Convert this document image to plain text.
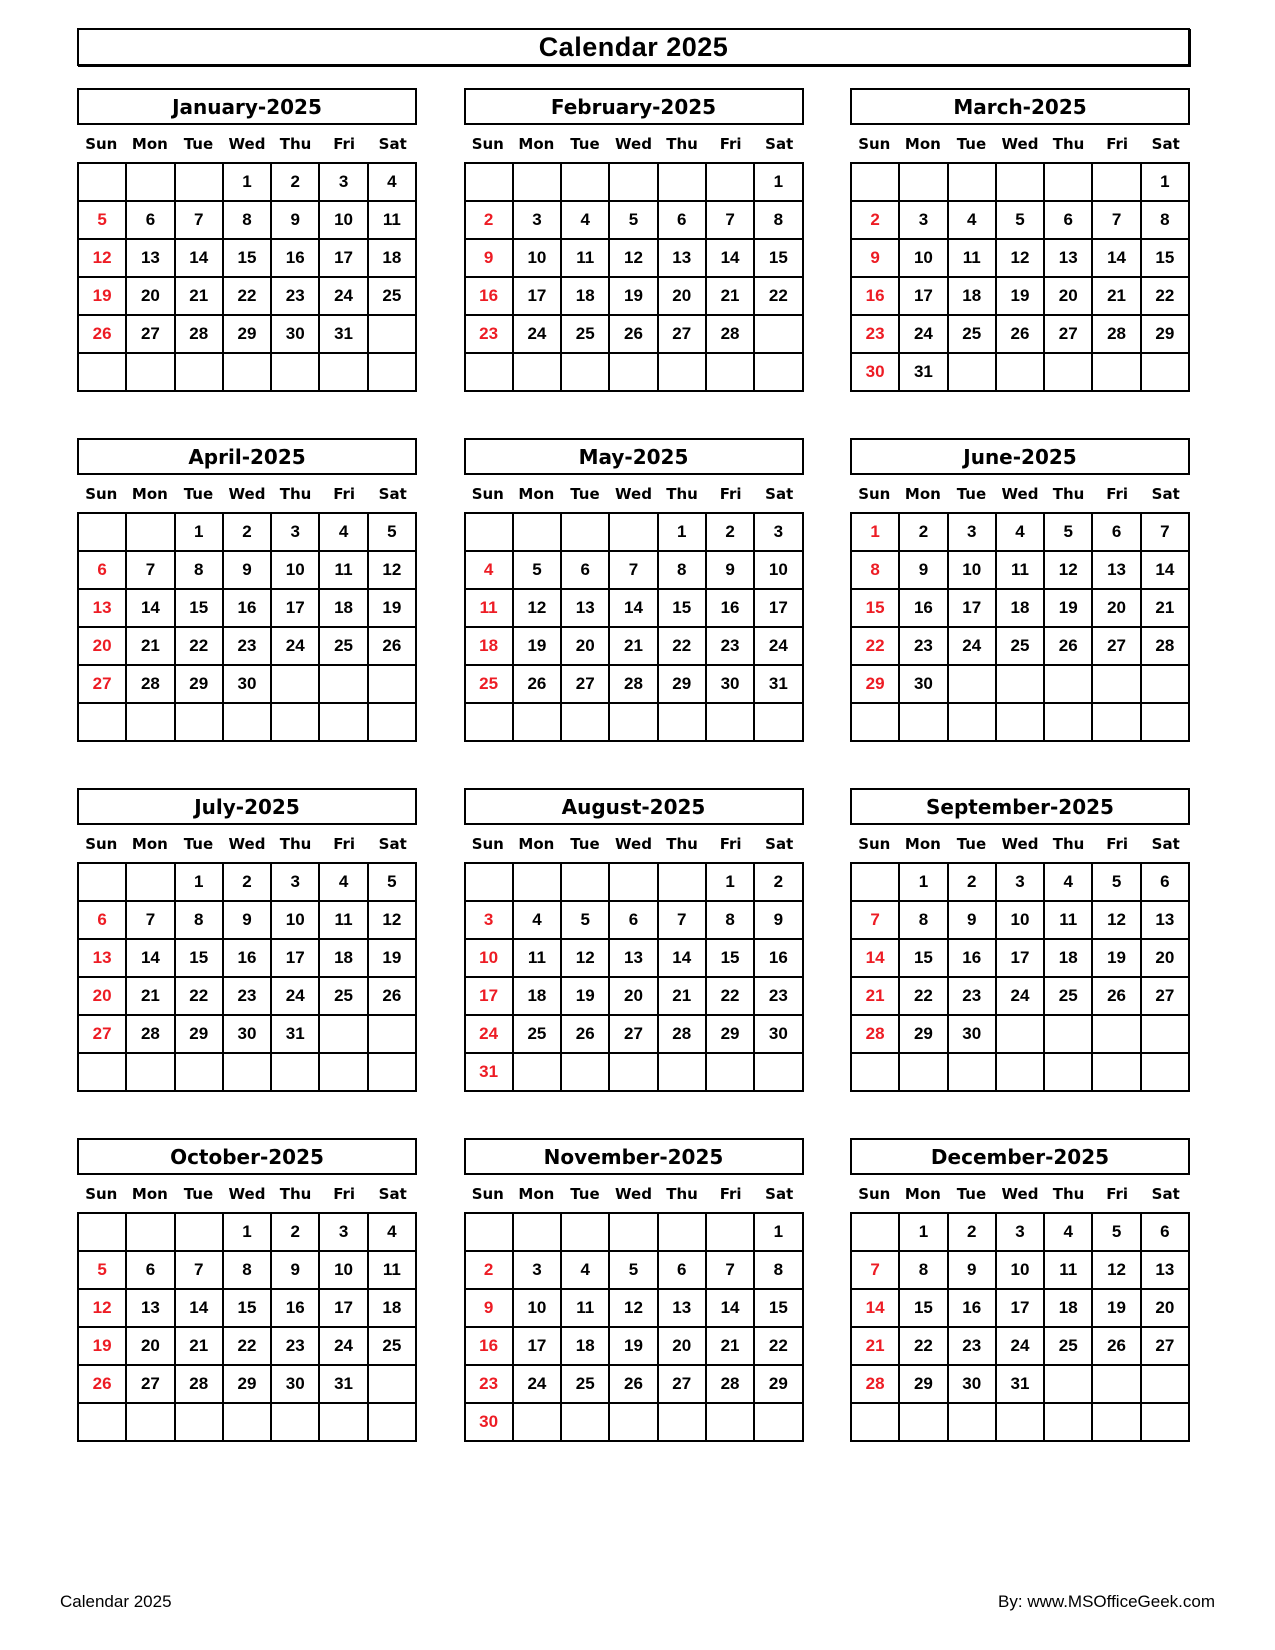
Calendar 2025
January-2025
Sun Mon	Tue	Wed Thu	Fri	Sat
			1	2	3	4
5	6	7	8	9	10	11
12	13	14	15	16	17	18
19	20	21	22	23	24	25
26	27	28	29	30	31	

February-2025
Sun Mon	Tue	Wed Thu	Fri	Sat
						1
2	3	4	5	6	7	8
9	10	11	12	13	14	15
16	17	18	19	20	21	22
23	24	25	26	27	28	

March-2025
Sun Mon	Tue	Wed Thu	Fri	Sat
						1
2	3	4	5	6	7	8
9	10	11	12	13	14	15
16	17	18	19	20	21	22
23	24	25	26	27	28	29
30	31					
April-2025
Sun Mon	Tue	Wed Thu	Fri	Sat
		1	2	3	4	5
6	7	8	9	10	11	12
13	14	15	16	17	18	19
20	21	22	23	24	25	26
27	28	29	30			

May-2025
Sun Mon	Tue	Wed Thu	Fri	Sat
				1	2	3
4	5	6	7	8	9	10
11	12	13	14	15	16	17
18	19	20	21	22	23	24
25	26	27	28	29	30	31

June-2025
Sun Mon	Tue	Wed Thu	Fri	Sat
1	2	3	4	5	6	7
8	9	10	11	12	13	14
15	16	17	18	19	20	21
22	23	24	25	26	27	28
29	30					

July-2025
Sun Mon	Tue	Wed Thu	Fri	Sat
		1	2	3	4	5
6	7	8	9	10	11	12
13	14	15	16	17	18	19
20	21	22	23	24	25	26
27	28	29	30	31		

August-2025
Sun Mon	Tue	Wed Thu	Fri	Sat
					1	2
3	4	5	6	7	8	9
10	11	12	13	14	15	16
17	18	19	20	21	22	23
24	25	26	27	28	29	30
31						
September-2025
Sun Mon	Tue	Wed Thu	Fri	Sat
	1	2	3	4	5	6
7	8	9	10	11	12	13
14	15	16	17	18	19	20
21	22	23	24	25	26	27
28	29	30				

October-2025
Sun Mon	Tue	Wed Thu	Fri	Sat
			1	2	3	4
5	6	7	8	9	10	11
12	13	14	15	16	17	18
19	20	21	22	23	24	25
26	27	28	29	30	31	

November-2025
Sun Mon	Tue	Wed Thu	Fri	Sat
						1
2	3	4	5	6	7	8
9	10	11	12	13	14	15
16	17	18	19	20	21	22
23	24	25	26	27	28	29
30						
December-2025
Sun Mon	Tue	Wed Thu	Fri	Sat
	1	2	3	4	5	6
7	8	9	10	11	12	13
14	15	16	17	18	19	20
21	22	23	24	25	26	27
28	29	30	31			

Calendar 2025	By: www.MSOfficeGeek.com
